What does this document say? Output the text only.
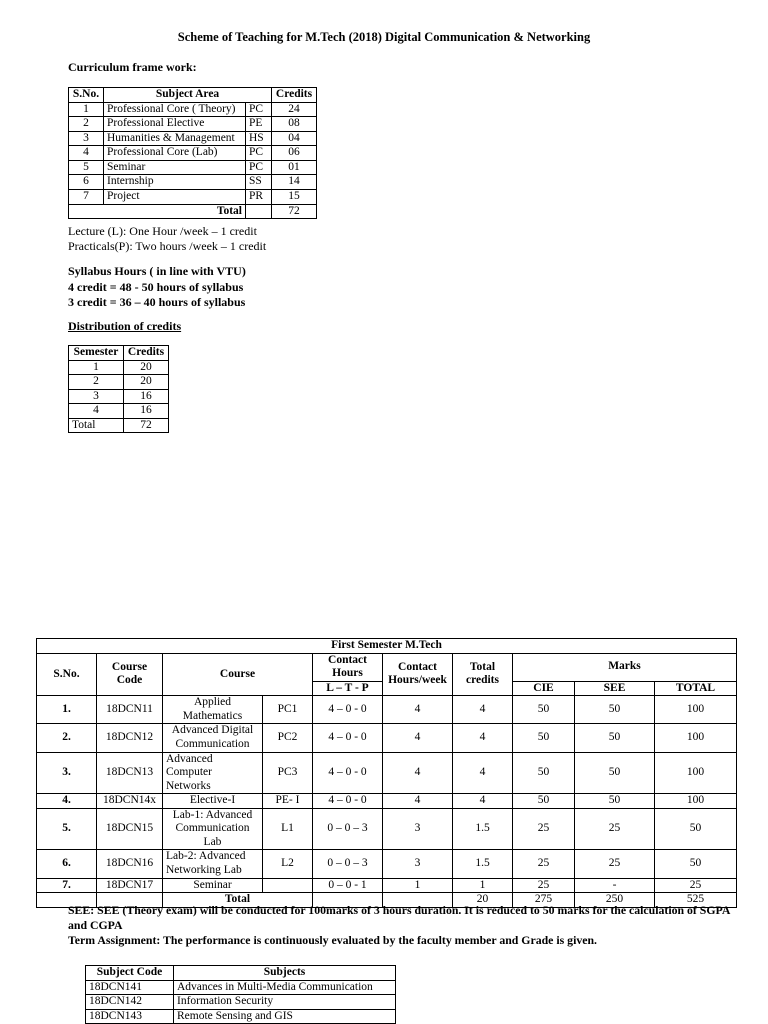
Scheme of Teaching for M.Tech (2018) Digital Communication & Networking
Curriculum frame work:
S.No.	Subject Area		Credits
1	Professional Core ( Theory)	PC	24
2	Professional Elective	PE	08
3	Humanities & Management	HS	04
4	Professional Core (Lab)	PC	06
5	Seminar	PC	01
6	Internship	SS	14
7	Project	PR	15
Total			72
Lecture (L): One Hour /week – 1 credit
Practicals(P): Two hours /week – 1 credit
Syllabus Hours ( in line with VTU)
4 credit = 48 - 50 hours of syllabus
3 credit = 36 – 40 hours of syllabus
Distribution of credits
Semester	Credits
1	20
2	20
3	16
4	16
Total	72
First Semester M.Tech									
S.No.	Course Code	Course		Contact Hours	Contact Hours/week	Total credits	Marks		
				L – T - P			CIE	SEE	TOTAL
1.	18DCN11	Applied Mathematics	PC1	4 – 0 - 0	4	4	50	50	100
2.	18DCN12	Advanced Digital Communication	PC2	4 – 0 - 0	4	4	50	50	100
3.	18DCN13	Advanced Computer Networks	PC3	4 – 0 - 0	4	4	50	50	100
4.	18DCN14x	Elective-I	PE- I	4 – 0 - 0	4	4	50	50	100
5.	18DCN15	Lab-1: Advanced Communication Lab	L1	0 – 0 – 3	3	1.5	25	25	50
6.	18DCN16	Lab-2: Advanced Networking Lab	L2	0 – 0 – 3	3	1.5	25	25	50
7.	18DCN17	Seminar		0 – 0 - 1	1	1	25	-	25
		Total				20	275	250	525
SEE: SEE (Theory exam) will be conducted for 100marks of 3 hours duration. It is reduced to 50 marks for the calculation of SGPA and CGPA
Term Assignment: The performance is continuously evaluated by the faculty member and Grade is given.
Subject Code	Subjects
18DCN141	Advances in Multi-Media Communication
18DCN142	Information Security
18DCN143	Remote Sensing and GIS
